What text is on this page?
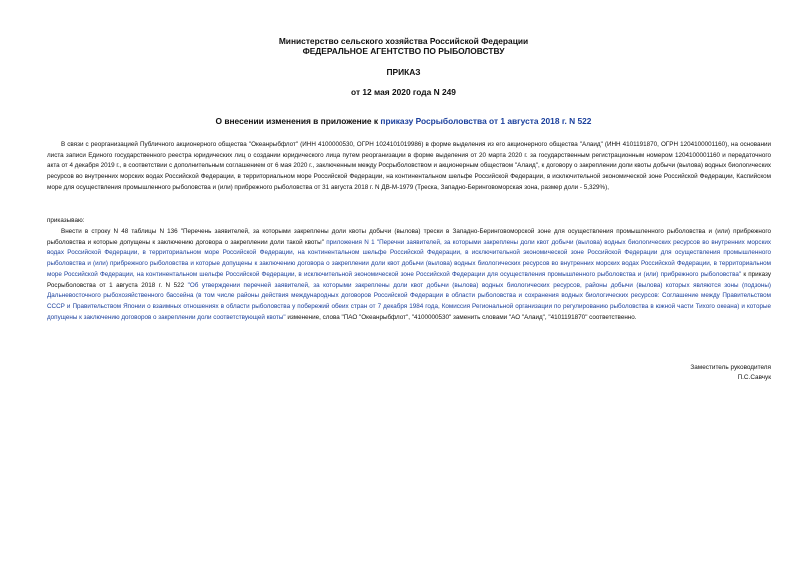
Министерство сельского хозяйства Российской Федерации
ФЕДЕРАЛЬНОЕ АГЕНТСТВО ПО РЫБОЛОВСТВУ
ПРИКАЗ
от 12 мая 2020 года N 249
О внесении изменения в приложение к приказу Росрыболовства от 1 августа 2018 г. N 522

В связи с реорганизацией Публичного акционерного общества "Океанрыбфлот" (ИНН 4100000530, ОГРН 1024101019986) в форме выделения из его акционерного общества "Алаид" (ИНН 4101191870, ОГРН 1204100001160), на основании листа записи Единого государственного реестра юридических лиц о создании юридического лица путем реорганизации в форме выделения от 20 марта 2020 г. за государственным регистрационным номером 1204100001160 и передаточного акта от 4 декабря 2019 г., в соответствии с дополнительным соглашением от 6 мая 2020 г., заключенным между Росрыболовством и акционерным обществом "Алаид", к договору о закреплении доли квоты добычи (вылова) водных биологических ресурсов во внутренних морских водах Российской Федерации, в территориальном море Российской Федерации, на континентальном шельфе Российской Федерации, в исключительной экономической зоне Российской Федерации, Каспийском море для осуществления промышленного рыболовства и (или) прибрежного рыболовства от 31 августа 2018 г. N ДВ-М-1979 (Треска, Западно-Беринговоморская зона, размер доли - 5,329%),

приказываю:

Внести в строку N 48 таблицы N 136 "Перечень заявителей, за которыми закреплены доли квоты добычи (вылова) трески в Западно-Беринговоморской зоне для осуществления промышленного рыболовства и (или) прибрежного рыболовства и которые допущены к заключению договора о закреплении доли такой квоты" приложения N 1 "Перечни заявителей, за которыми закреплены доли квот добычи (вылова) водных биологических ресурсов во внутренних морских водах Российской Федерации, в территориальном море Российской Федерации, на континентальном шельфе Российской Федерации, в исключительной экономической зоне Российской Федерации для осуществления промышленного рыболовства и (или) прибрежного рыболовства и которые допущены к заключению договора о закреплении доли квот добычи (вылова) водных биологических ресурсов во внутренних морских водах Российской Федерации, в территориальном море Российской Федерации, на континентальном шельфе Российской Федерации, в исключительной экономической зоне Российской Федерации для осуществления промышленного рыболовства и (или) прибрежного рыболовства" к приказу Росрыболовства от 1 августа 2018 г. N 522 "Об утверждении перечней заявителей, за которыми закреплены доли квот добычи (вылова) водных биологических ресурсов, районы добычи (вылова) которых являются зоны (подзоны) Дальневосточного рыбохозяйственного бассейна (в том числе районы действия международных договоров Российской Федерации в области рыболовства и сохранения водных биологических ресурсов: Соглашение между Правительством СССР и Правительством Японии о взаимных отношениях в области рыболовства у побережий обеих стран от 7 декабря 1984 года, Комиссия Региональной организации по регулированию рыболовства в южной части Тихого океана) и которые допущены к заключению договоров о закреплении доли соответствующей квоты" изменение, слова "ПАО "Океанрыбфлот", "4100000530" заменить словами "АО "Алаид", "4101191870" соответственно.

Заместитель руководителя
П.С.Савчук
